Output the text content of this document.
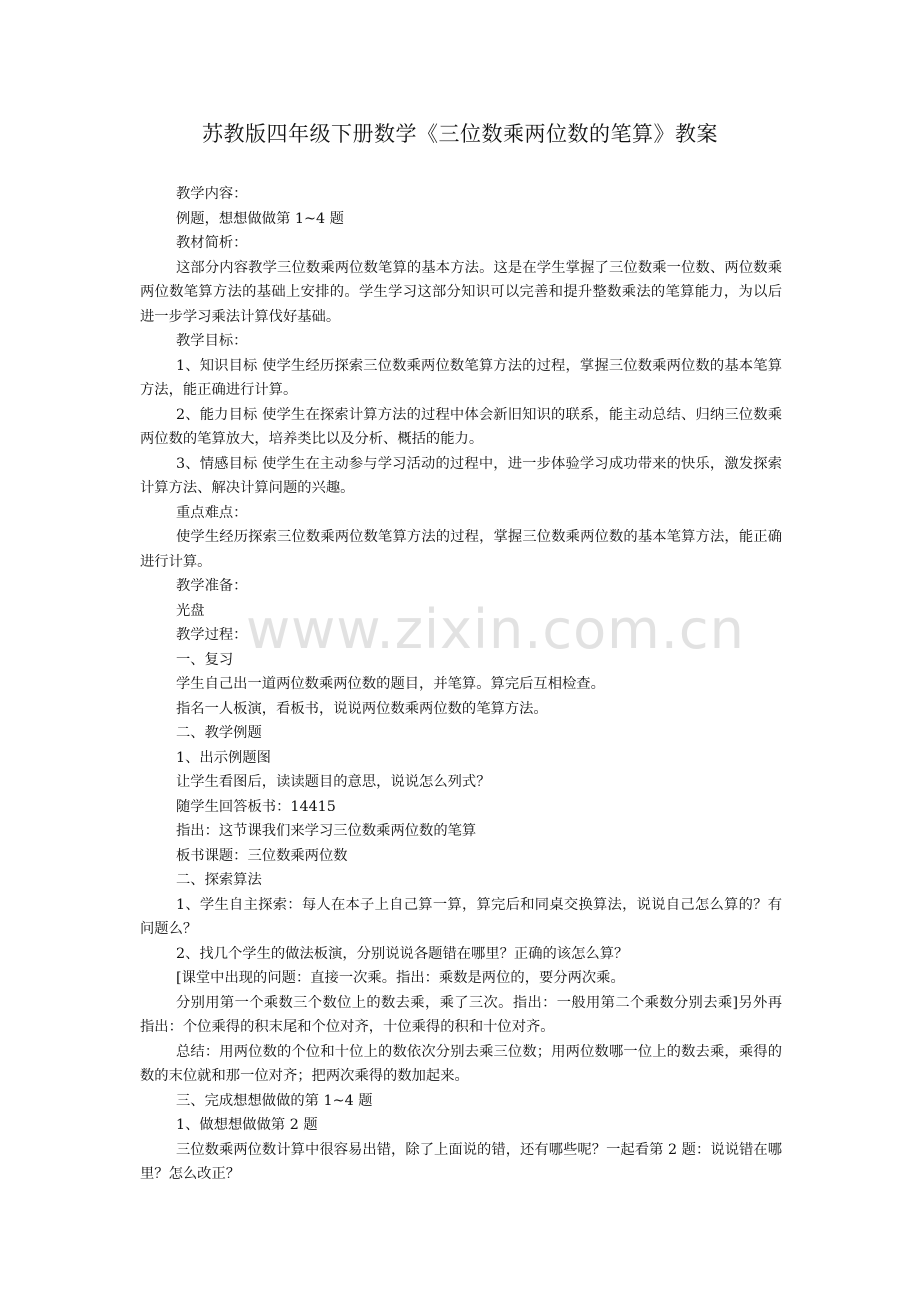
苏教版四年级下册数学《三位数乘两位数的笔算》教案
www.zixin.com.cn

教学内容：

例题，想想做做第 1~4 题

教材简析：

这部分内容教学三位数乘两位数笔算的基本方法。这是在学生掌握了三位数乘一位数、两位数乘两位数笔算方法的基础上安排的。学生学习这部分知识可以完善和提升整数乘法的笔算能力，为以后进一步学习乘法计算伐好基础。

教学目标：

1、知识目标 使学生经历探索三位数乘两位数笔算方法的过程，掌握三位数乘两位数的基本笔算方法，能正确进行计算。

2、能力目标 使学生在探索计算方法的过程中体会新旧知识的联系，能主动总结、归纳三位数乘两位数的笔算放大，培养类比以及分析、概括的能力。

3、情感目标 使学生在主动参与学习活动的过程中，进一步体验学习成功带来的快乐，激发探索计算方法、解决计算问题的兴趣。

重点难点：

使学生经历探索三位数乘两位数笔算方法的过程，掌握三位数乘两位数的基本笔算方法，能正确进行计算。

教学准备：

光盘

教学过程：

一、复习

学生自己出一道两位数乘两位数的题目，并笔算。算完后互相检查。

指名一人板演，看板书，说说两位数乘两位数的笔算方法。

二、教学例题

1、出示例题图

让学生看图后，读读题目的意思，说说怎么列式？

随学生回答板书：14415

指出：这节课我们来学习三位数乘两位数的笔算

板书课题：三位数乘两位数

二、探索算法

1、学生自主探索：每人在本子上自己算一算，算完后和同桌交换算法，说说自己怎么算的？有问题么？

2、找几个学生的做法板演，分别说说各题错在哪里？正确的该怎么算？

[课堂中出现的问题：直接一次乘。指出：乘数是两位的，要分两次乘。

分别用第一个乘数三个数位上的数去乘，乘了三次。指出：一般用第二个乘数分别去乘]另外再指出：个位乘得的积末尾和个位对齐，十位乘得的积和十位对齐。

总结：用两位数的个位和十位上的数依次分别去乘三位数；用两位数哪一位上的数去乘，乘得的数的末位就和那一位对齐；把两次乘得的数加起来。

三、完成想想做做的第 1~4 题

1、做想想做做第 2 题

三位数乘两位数计算中很容易出错，除了上面说的错，还有哪些呢？一起看第 2 题：说说错在哪里？怎么改正？
